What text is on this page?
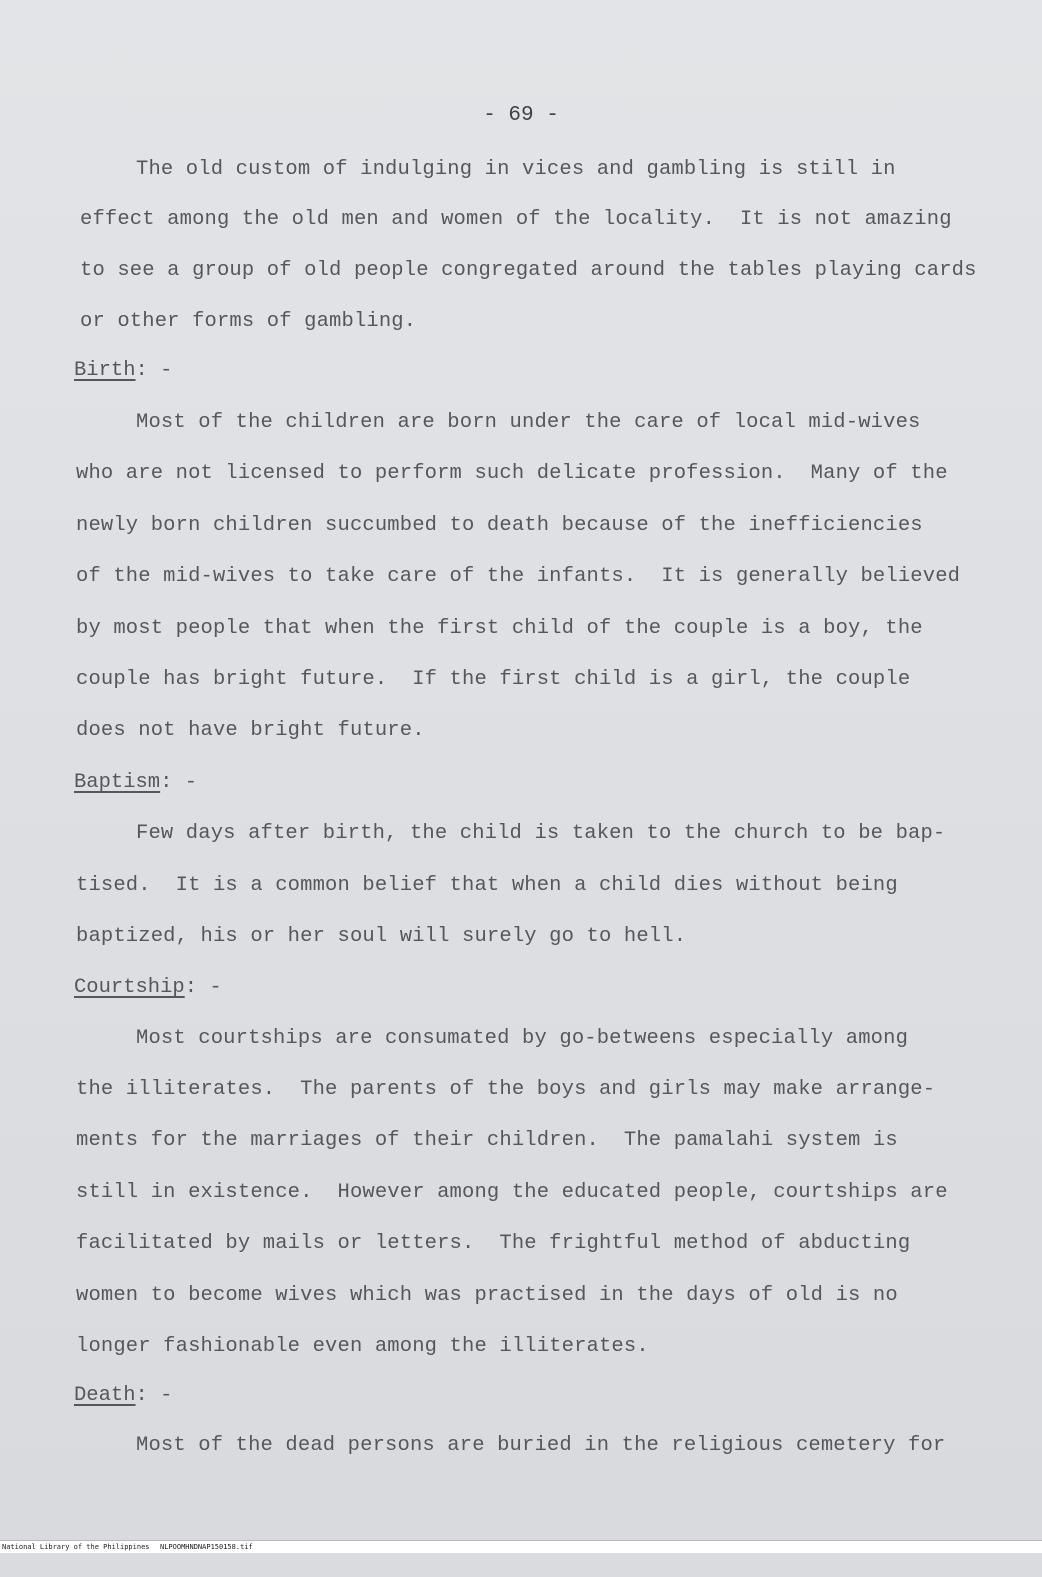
- 69 -
The old custom of indulging in vices and gambling is still in
effect among the old men and women of the locality.  It is not amazing
to see a group of old people congregated around the tables playing cards
or other forms of gambling.
Birth: -
Most of the children are born under the care of local mid-wives
who are not licensed to perform such delicate profession.  Many of the
newly born children succumbed to death because of the inefficiencies
of the mid-wives to take care of the infants.  It is generally believed
by most people that when the first child of the couple is a boy, the
couple has bright future.  If the first child is a girl, the couple
does not have bright future.
Baptism: -
Few days after birth, the child is taken to the church to be bap-
tised.  It is a common belief that when a child dies without being
baptized, his or her soul will surely go to hell.
Courtship: -
Most courtships are consumated by go-betweens especially among
the illiterates.  The parents of the boys and girls may make arrange-
ments for the marriages of their children.  The pamalahi system is
still in existence.  However among the educated people, courtships are
facilitated by mails or letters.  The frightful method of abducting
women to become wives which was practised in the days of old is no
longer fashionable even among the illiterates.
Death: -
Most of the dead persons are buried in the religious cemetery for

National Library of the Philippines

NLPOOMHNDNAP150158.tif
